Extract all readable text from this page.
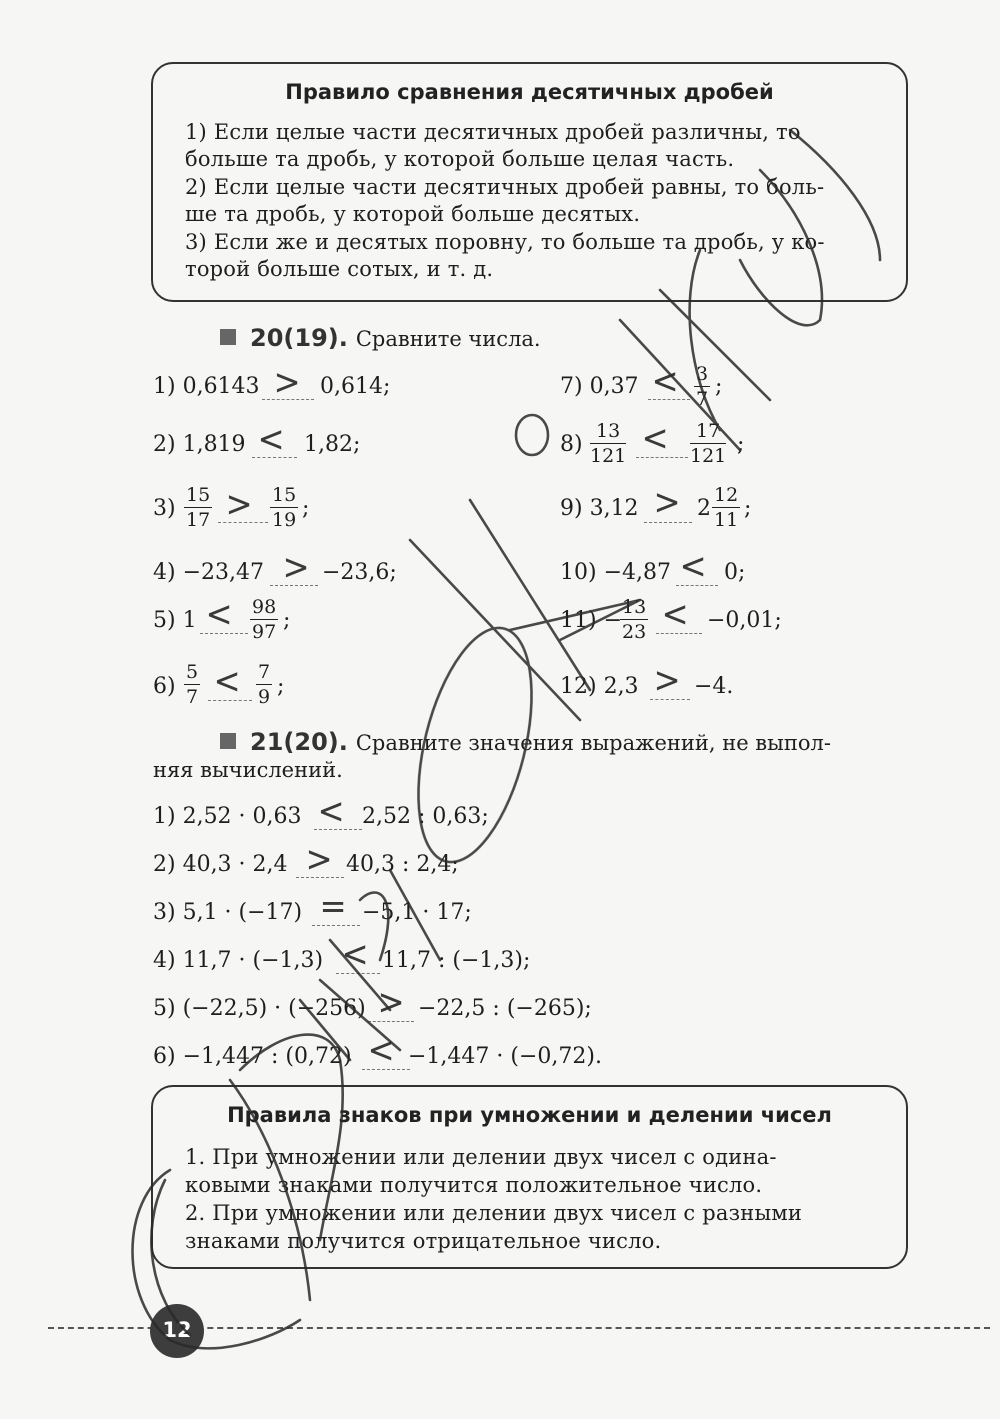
Правило сравнения десятичных дробей
1) Если целые части десятичных дробей различны, то
больше та дробь, у которой больше целая часть.
2) Если целые части десятичных дробей равны, то боль-
ше та дробь, у которой больше десятых.
3) Если же и десятых поровну, то больше та дробь, у ко-
торой больше сотых, и т. д.
20(19). Сравните числа.
1) 0,6143 > 0,614;
2) 1,819 < 1,82;
$3) \frac{15}{17} > \frac{15}{19}$ ;
4) −23,47 > −23,6;
5) $1 < \frac{98}{97}$ ;
$6) \frac{5}{7} < \frac{7}{9}$ ;
7) $0,37 < \frac{3}{7}$ ;
$8) \frac{13}{121} < \frac{17}{121}$ ;
9) $3,12 > 2 \frac{12}{11}$ ;
10) −4,87 < 0;
11) −
$\frac{13}{23} < -0,01$;
12) 2,3 > −4.
21(20). Сравните значения выражений, не выпол-
няя вычислений.
1) 2,52 · 0,63 < 2,52 : 0,63;
2) 40,3 · 2,4 > 40,3 : 2,4;
3) 5,1 · (−17) = −5,1 · 17;
4) 11,7 · (−1,3) < 11,7 : (−1,3);
5) (−22,5) · (−256) > −22,5 : (−265);
6) −1,447 : (0,72) < −1,447 · (−0,72).
Правила знаков при умножении и делении чисел
1. При умножении или делении двух чисел с одина-
ковыми знаками получится положительное число.
2. При умножении или делении двух чисел с разными
знаками получится отрицательное число.
12
